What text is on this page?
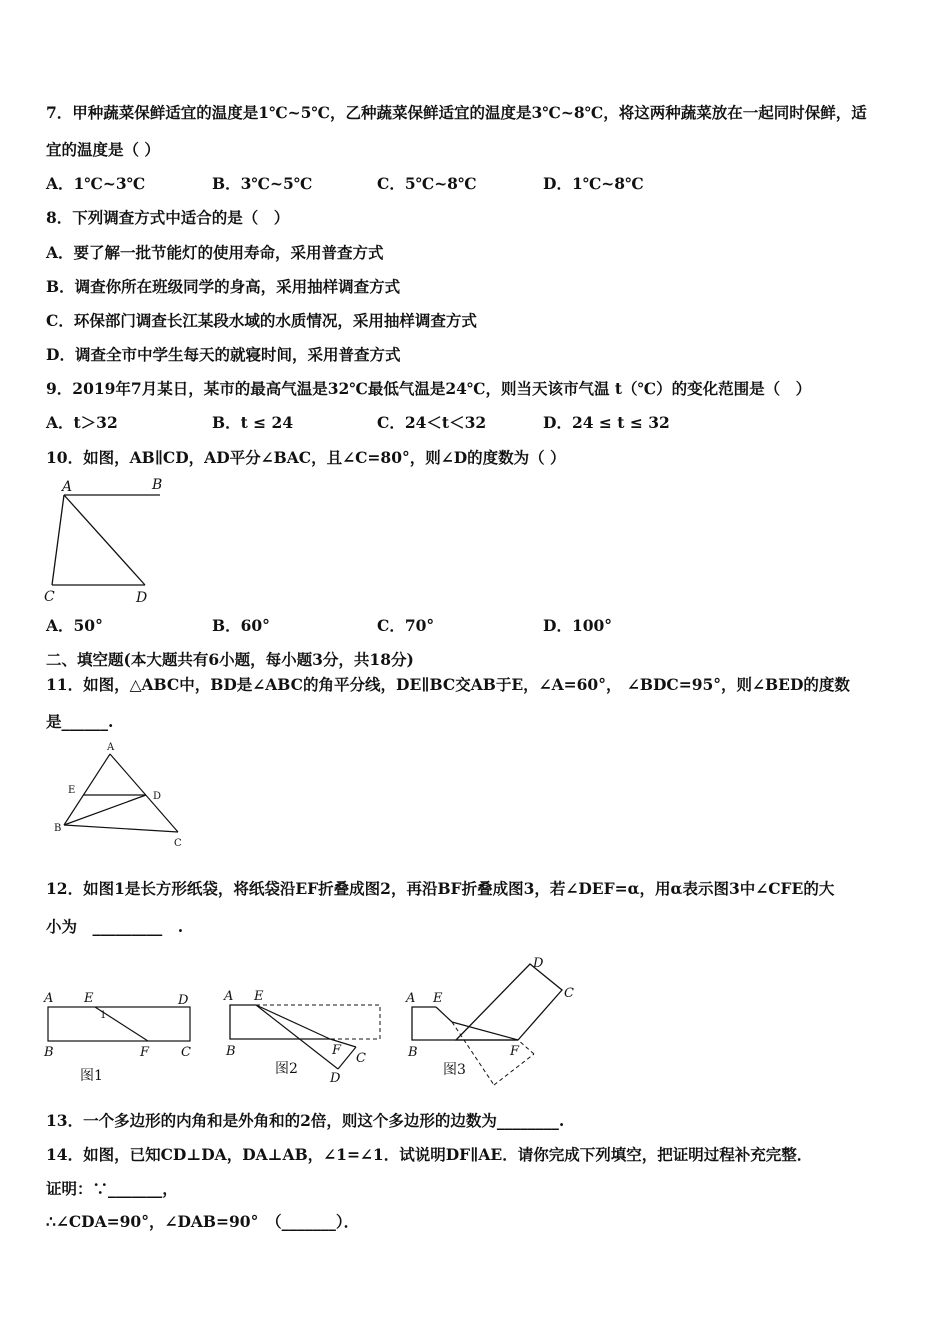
7．甲种蔬菜保鲜适宜的温度是1℃~5℃，乙种蔬菜保鲜适宜的温度是3℃~8℃，将这两种蔬菜放在一起同时保鲜，适
宜的温度是（ ）
A．1℃~3℃	B．3℃~5℃	C．5℃~8℃	D．1℃~8℃
8．下列调查方式中适合的是（　）
A．要了解一批节能灯的使用寿命，采用普查方式
B．调查你所在班级同学的身高，采用抽样调查方式
C．环保部门调查长江某段水域的水质情况，采用抽样调查方式
D．调查全市中学生每天的就寝时间，采用普查方式
9．2019年7月某日，某市的最高气温是32℃最低气温是24℃，则当天该市气温 t（℃）的变化范围是（　）
A．t＞32	B．t ≤ 24	C．24＜t＜32	D．24 ≤ t ≤ 32
10．如图，AB∥CD，AD平分∠BAC，且∠C=80°，则∠D的度数为（ ）
A	B
C	D
A．50°	B．60°	C．70°	D．100°
二、填空题(本大题共有6小题，每小题3分，共18分)
11．如图，△ABC中，BD是∠ABC的角平分线，DE∥BC交AB于E，∠A=60°， ∠BDC=95°，则∠BED的度数
是______.
A
E
D
B
C
12．如图1是长方形纸袋，将纸袋沿EF折叠成图2，再沿BF折叠成图3，若∠DEF=α，用α表示图3中∠CFE的大
小为　_________　.
A E	D
1
B	F C
图1
A E
B	F
C
D
图2
A E
D
C
B	F
图3
13．一个多边形的内角和是外角和的2倍，则这个多边形的边数为________.
14．如图，已知CD⊥DA，DA⊥AB，∠1=∠1．试说明DF∥AE．请你完成下列填空，把证明过程补充完整．
证明：∵_______，
∴∠CDA=90°，∠DAB=90°　（_______）．
